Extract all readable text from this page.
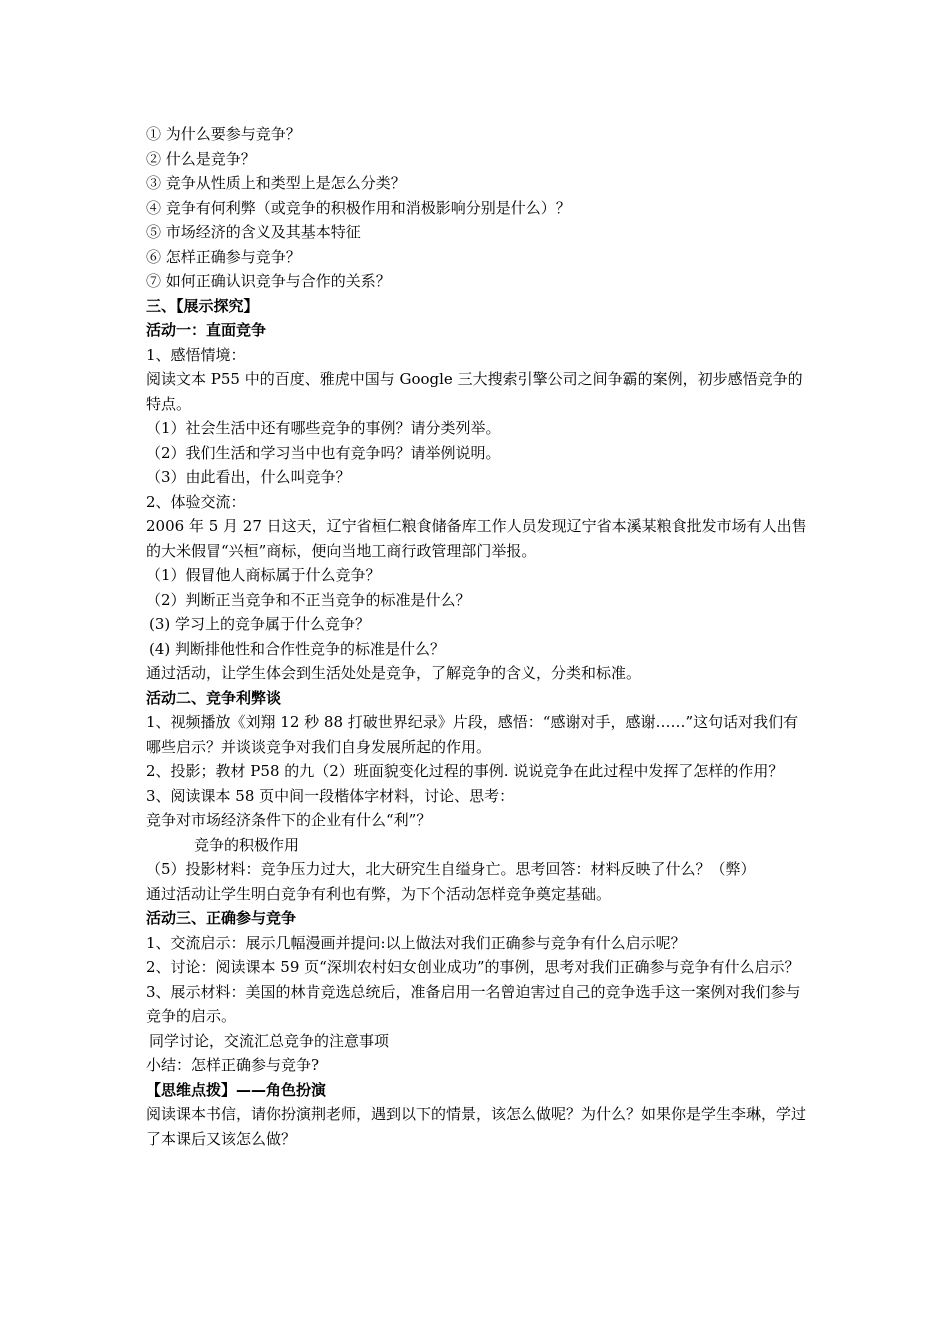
① 为什么要参与竞争？
② 什么是竞争？
③ 竞争从性质上和类型上是怎么分类？
④ 竞争有何利弊（或竞争的积极作用和消极影响分别是什么）？
⑤ 市场经济的含义及其基本特征
⑥ 怎样正确参与竞争？
⑦ 如何正确认识竞争与合作的关系？
三、【展示探究】
活动一：直面竞争
1、感悟情境：
阅读文本 P55 中的百度、雅虎中国与 Google 三大搜索引擎公司之间争霸的案例，初步感悟竞争的特点。
（1）社会生活中还有哪些竞争的事例？请分类列举。
（2）我们生活和学习当中也有竞争吗？请举例说明。
（3）由此看出，什么叫竞争？
2、体验交流：
2006 年 5 月 27 日这天，辽宁省桓仁粮食储备库工作人员发现辽宁省本溪某粮食批发市场有人出售的大米假冒“兴桓”商标，便向当地工商行政管理部门举报。
（1）假冒他人商标属于什么竞争？
（2）判断正当竞争和不正当竞争的标准是什么？
(3) 学习上的竞争属于什么竞争？
(4) 判断排他性和合作性竞争的标准是什么？
通过活动，让学生体会到生活处处是竞争，了解竞争的含义，分类和标准。
活动二、竞争利弊谈
1、视频播放《刘翔 12 秒 88 打破世界纪录》片段，感悟：“感谢对手，感谢……”这句话对我们有哪些启示？并谈谈竞争对我们自身发展所起的作用。
2、投影；教材 P58 的九（2）班面貌变化过程的事例. 说说竞争在此过程中发挥了怎样的作用？
3、阅读课本 58 页中间一段楷体字材料，讨论、思考：
竞争对市场经济条件下的企业有什么“利”？
竞争的积极作用
（5）投影材料：竞争压力过大，北大研究生自缢身亡。思考回答：材料反映了什么？（弊）
通过活动让学生明白竞争有利也有弊，为下个活动怎样竞争奠定基础。
活动三、正确参与竞争
1、交流启示：展示几幅漫画并提问:以上做法对我们正确参与竞争有什么启示呢？
2、讨论：阅读课本 59 页“深圳农村妇女创业成功”的事例，思考对我们正确参与竞争有什么启示？
3、展示材料：美国的林肯竞选总统后，准备启用一名曾迫害过自己的竞争选手这一案例对我们参与竞争的启示。
同学讨论，交流汇总竞争的注意事项
小结：怎样正确参与竞争?
【思维点拨】——角色扮演
阅读课本书信，请你扮演荆老师，遇到以下的情景，该怎么做呢？为什么？如果你是学生李琳，学过了本课后又该怎么做？
